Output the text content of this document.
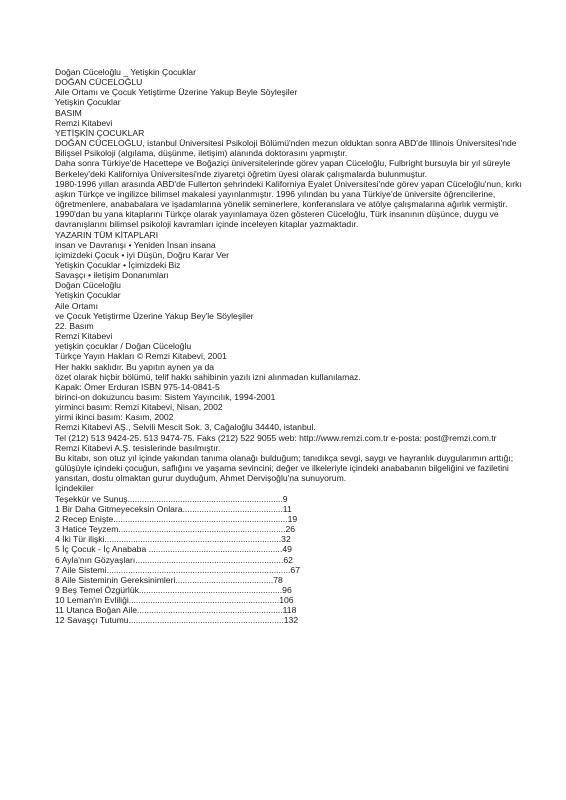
Doğan Cüceloğlu _ Yetişkin Çocuklar
DOĞAN CÜCELOĞLU
Aile Ortamı ve Çocuk Yetiştirme Üzerine Yakup Beyle Söyleşiler
Yetişkin Çocuklar
BASIM
Remzi Kitabevi
YETİŞKİN ÇOCUKLAR
DOĞAN CÜCELOĞLU, istanbul Üniversitesi Psikoloji Bölümü'nden mezun olduktan sonra ABD'de Illinois Üniversitesi'nde Bilişsel Psikoloji (algılama, düşünme, iletişim) alanında doktorasını yapmıştır.
Daha sonra Türkiye'de Hacettepe ve Boğaziçi üniversitelerinde görev yapan Cüceloğlu, Fulbright bursuyla bir yıl süreyle Berkeley'deki Kaliforniya Üniversitesi'nde ziyaretçi öğretim üyesi olarak çalışmalarda bulunmuştur.
1980-1996 yılları arasında ABD'de Fullerton şehrindeki Kaliforniya Eyalet Üniversitesi'nde görev yapan Cüceloğlu'nun, kırkı aşkın Türkçe ve ingilizce bilimsel makalesi yayınlanmıştır. 1996 yılından bu yana Türkiye'de üniversite öğrencilerine, öğretmenlere, anababalara ve işadamlarına yönelik seminerlere, konferanslara ve atölye çalışmalarına ağırlık vermiştir.
1990'dan bu yana kitaplarını Türkçe olarak yayınlamaya özen gösteren Cüceloğlu, Türk insanının düşünce, duygu ve davranışlarını bilimsel psikoloji kavramları içinde inceleyen kitaplar yazmaktadır.
YAZARIN TÜM KİTAPLARI
insan ve Davranışı • Yeniden İnsan insana
içimizdeki Çocuk • iyi Düşün, Doğru Karar Ver
Yetişkin Çocuklar • İçimizdeki Biz
Savaşçı • iletişim Donanımları
Doğan Cüceloğlu
Yetişkin Çocuklar
Aile Ortamı
ve Çocuk Yetiştirme Üzerine Yakup Bey'le Söyleşiler
22. Basım
Remzi Kitabevi
yetişkin çocuklar / Doğan Cüceloğlu
Türkçe Yayın Hakları © Remzi Kitabevi, 2001
Her hakkı saklıdır. Bu yapıtın aynen ya da
özet olarak hiçbir bölümü, telif hakkı sahibinin yazılı izni alınmadan kullanılamaz.
Kapak: Ömer Erduran ISBN 975-14-0841-5
birinci-on dokuzuncu basım: Sistem Yayıncılık, 1994-2001
yirminci basım: Remzi Kitabevi, Nisan, 2002
yirmi ikinci basım: Kasım, 2002
Remzi Kitabevi AŞ., Selvili Mescit Sok. 3, Cağaloğlu 34440, istanbul.
Tel (212) 513 9424-25. 513 9474-75. Faks (212) 522 9055 web: http://www.remzi.com.tr e-posta: post@remzi.com.tr
Remzi Kitabevi A.Ş. tesislerinde basılmıştır.
Bu kitabı, son otuz yıl içinde yakından tanıma olanağı bulduğum; tanıdıkça sevgi, saygı ve hayranlık duygularımın arttığı; gülüşüyle içindeki çocuğun, saflığını ve yaşama sevincini; değer ve ilkeleriyle içindeki anababanın bilgeliğini ve faziletini yansıtan, dostu olmaktan gurur duyduğum, Ahmet Dervişoğlu'na sunuyorum.
İçindekiler
Teşekkür ve Sunuş.................................................................9
1 Bir Daha Gitmeyeceksin Onlara..........................................11
2 Recep Enişte.........................................................................19
3 Hatice Teyzem......................................................................26
4 İki Tür ilişki..........................................................................32
5 İç Çocuk - İç Anababa ........................................................49
6 Ayla'nın Gözyaşları..............................................................62
7 Aile Sistemi.............................................................................67
8 Aile Sisteminin Gereksinimleri.........................................78
9 Beş Temel Özgürlük............................................................96
10 Leman'ın Evliliği...............................................................106
11 Utanca Boğan Aile.............................................................118
12 Savaşçı Tutumu.................................................................132
